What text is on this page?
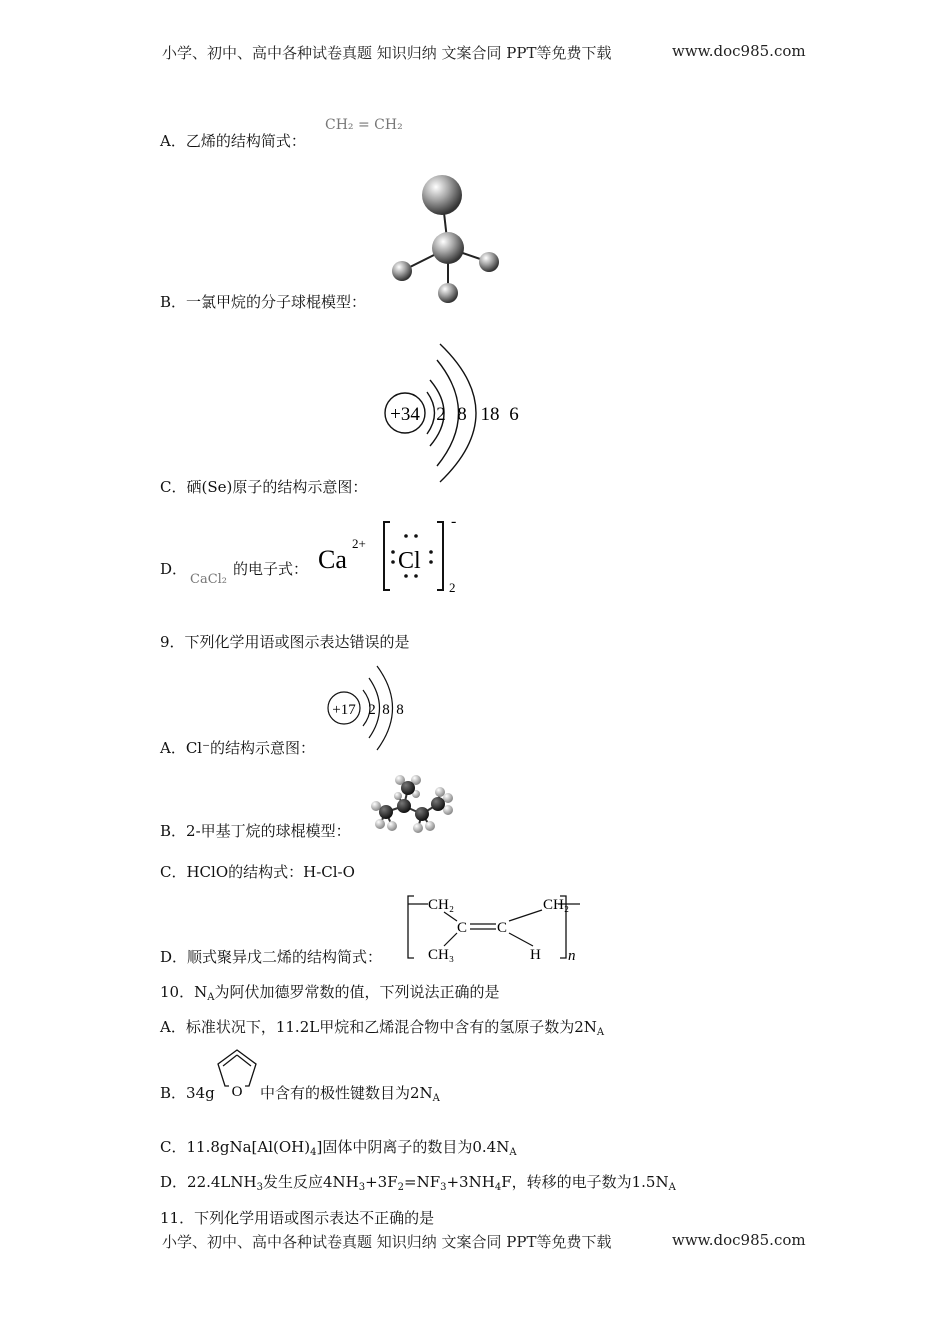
小学、初中、高中各种试卷真题 知识归纳 文案合同 PPT等免费下载	www.doc985.com
A．乙烯的结构简式：
CH₂ = CH₂
B．一氯甲烷的分子球棍模型：
+34 2 8 18 6
C．硒(Se)原子的结构示意图：
D．
CaCl₂
的电子式： Ca
2+
Cl
-
2
9．下列化学用语或图示表达错误的是
+17 2 8 8
A．Cl⁻的结构示意图：
B．2-甲基丁烷的球棍模型：
C．HClO的结构式：H-Cl-O
D．顺式聚异戊二烯的结构简式：
CH₂	CH₂
C C
CH₃	H n
10．$N_A$为阿伏加德罗常数的值，下列说法正确的是
A．标准状况下，11.2L甲烷和乙烯混合物中含有的氢原子数为$2N_A$
B．34g O 中含有的极性键数目为$2N_A$
C．$11.8gNa[Al(OH)_4]$固体中阴离子的数目为$0.4N_A$
D．$22.4LNH_3$发生反应$4NH_3+3F_2=NF_3+3NH_4F$，转移的电子数为$1.5N_A$
11．下列化学用语或图示表达不正确的是
小学、初中、高中各种试卷真题 知识归纳 文案合同 PPT等免费下载	www.doc985.com
